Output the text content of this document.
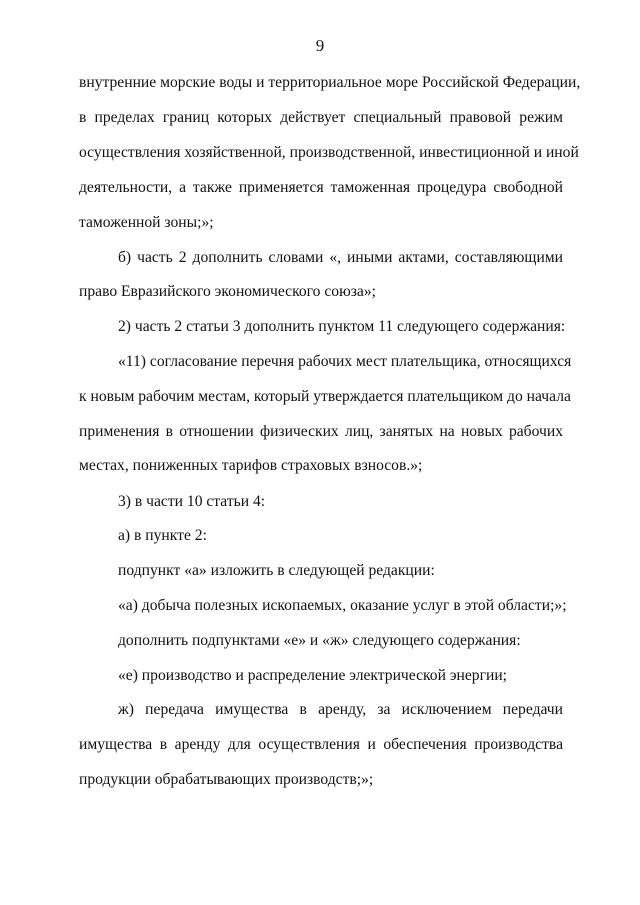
9
внутренние морские воды и территориальное море Российской Федерации,
в пределах границ которых действует специальный правовой режим
осуществления хозяйственной, производственной, инвестиционной и иной
деятельности, а также применяется таможенная процедура свободной
таможенной зоны;»;
б) часть 2 дополнить словами «, иными актами, составляющими
право Евразийского экономического союза»;
2) часть 2 статьи 3 дополнить пунктом 11 следующего содержания:
«11) согласование перечня рабочих мест плательщика, относящихся
к новым рабочим местам, который утверждается плательщиком до начала
применения в отношении физических лиц, занятых на новых рабочих
местах, пониженных тарифов страховых взносов.»;
3) в части 10 статьи 4:
а) в пункте 2:
подпункт «а» изложить в следующей редакции:
«а) добыча полезных ископаемых, оказание услуг в этой области;»;
дополнить подпунктами «е» и «ж» следующего содержания:
«е) производство и распределение электрической энергии;
ж) передача имущества в аренду, за исключением передачи
имущества в аренду для осуществления и обеспечения производства
продукции обрабатывающих производств;»;
